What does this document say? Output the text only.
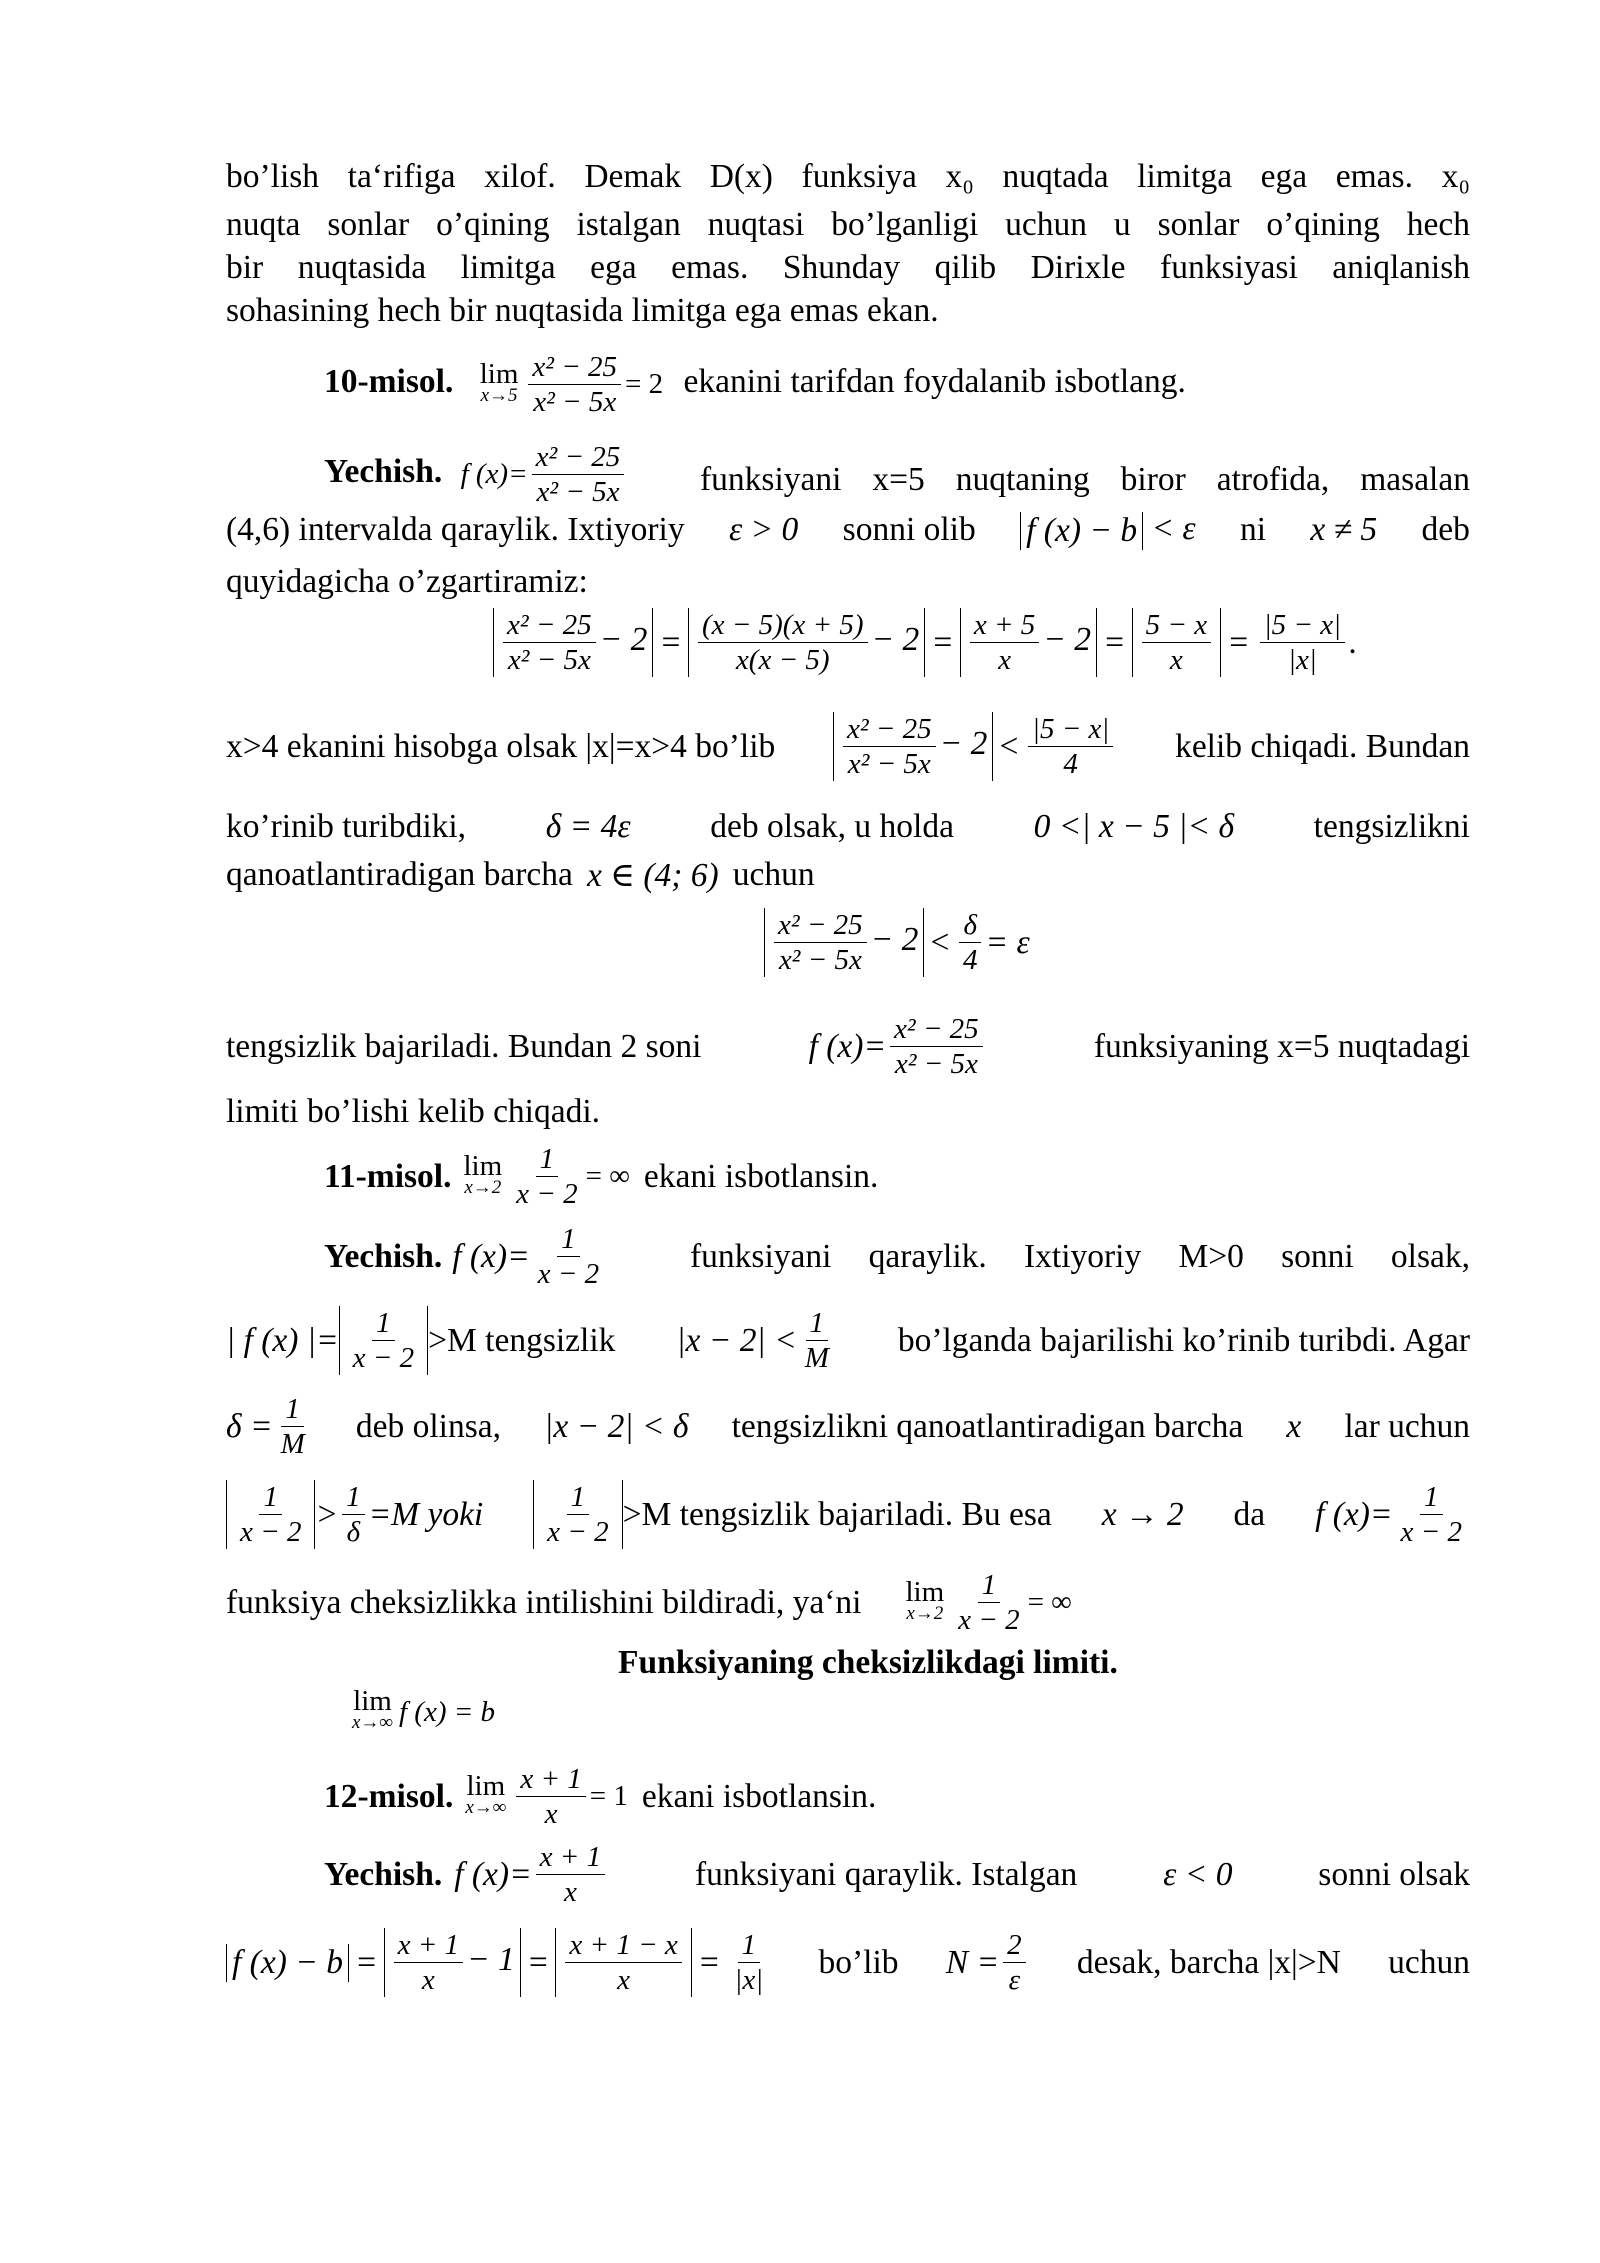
bo’lish ta‘rifiga xilof. Demak D(x) funksiya x₀ nuqtada limitga ega emas. x₀
nuqta sonlar o’qining istalgan nuqtasi bo’lganligi uchun u sonlar o’qining hech
bir nuqtasida limitga ega emas. Shunday qilib Dirixle funksiyasi aniqlanish
sohasining hech bir nuqtasida limitga ega emas ekan.
10-misol. lim
$x\to 5 \frac{\text{x² − 25}}{\text{x² − 5x}} = 2$ ekanini tarifdan foydalanib isbotlang.
Yechish. f $(x)= \frac{\text{x² − 25}}{\text{x² − 5x}}$ funksiyani x=5 nuqtaning biror atrofida, masalan
(4,6) intervalda qaraylik. Ixtiyoriy ε > 0 sonni olib f (x) − b < ε ni x ≠ 5 deb
quyidagicha o’zgartiramiz:
$\frac{\text{x² − 25}}{\text{x² − 5x}} - 2 = \frac{(x - 5)(x + 5)}{x(x - 5)} - 2 = \frac{x + 5}{x} - 2 = \frac{5 - x}{x} = \frac{|5 - x|}{|x|}$ .
x>4 ekanini hisobga olsak |x|=x>4 bo’lib $\frac{\text{x² − 25}}{\text{x² − 5x}} - 2 < \frac{|5 - x|}{4}$ kelib chiqadi. Bundan
ko’rinib turibdiki, δ = 4ε deb olsak, u holda 0 <| x − 5 |< δ tengsizlikni
qanoatlantiradigan barcha x ∈ (4; 6) uchun
$\frac{\text{x² − 25}}{\text{x² − 5x}} - 2 < \frac{\delta}{4} = \varepsilon$
tengsizlik bajariladi. Bundan 2 soni	f $(x)= \frac{\text{x² − 25}}{\text{x² − 5x}}$	funksiyaning x=5 nuqtadagi
limiti bo’lishi kelib chiqadi.
11-misol. lim
$x\to 2 \frac{1}{x - 2}$ = ∞ ekani isbotlansin.
Yechish. f $(x)= \frac{1}{x - 2}$	funksiyani qaraylik. Ixtiyoriy M>0 sonni olsak,
| f (x) |= $\frac{1}{x - 2} >M$ tengsizlik $|x - 2| < \frac{1}{M}$ bo’lganda bajarilishi ko’rinib turibdi. Agar
$\delta = \frac{1}{M}$ deb olinsa, |x − 2| < δ tengsizlikni qanoatlantiradigan barcha x lar uchun
$\frac{1}{x - 2} > \frac{1}{\delta} =M$ yoki $\frac{1}{x - 2} >M$ tengsizlik bajariladi. Bu esa x → 2 da f $(x)= \frac{1}{x - 2}$
funksiya cheksizlikka intilishini bildiradi, ya‘ni lim
$x\to 2 \frac{1}{x - 2}$ = ∞
Funksiyaning cheksizlikdagi limiti.
lim
x→∞ f (x) = b
12-misol. lim
$x\to\infty \frac{x + 1}{x} = 1$ ekani isbotlansin.
Yechish. f $(x)= \frac{x + 1}{x}$	funksiyani qaraylik. Istalgan	ε < 0	sonni olsak
f $(x) - b = \frac{x + 1}{x} - 1 = \frac{x + 1 - x}{x} = \frac{1}{|x|}$ bo’lib $N = \frac{2}{\varepsilon}$ desak, barcha |x|>N uchun
